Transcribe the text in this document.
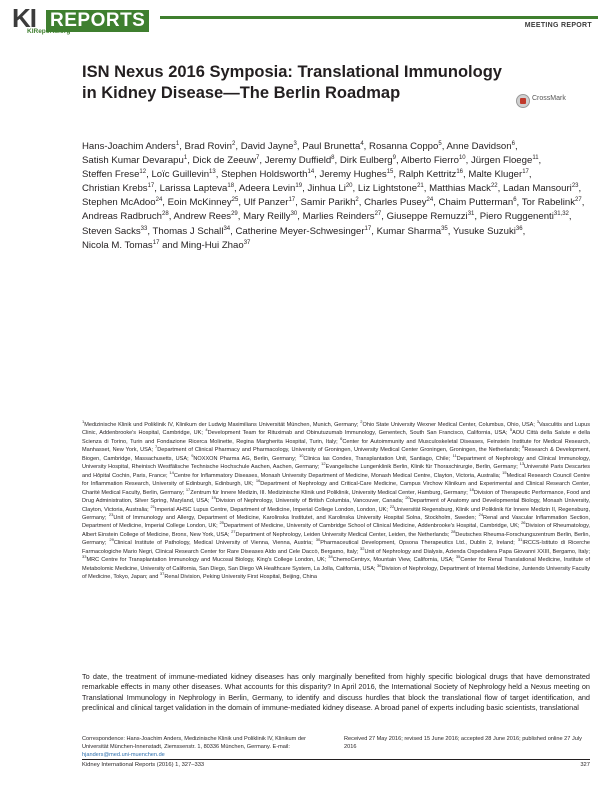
KI REPORTS
KIReports.org
MEETING REPORT
ISN Nexus 2016 Symposia: Translational Immunology in Kidney Disease—The Berlin Roadmap	CrossMark
Hans-Joachim Anders$^1$, Brad Rovin$^2$, David Jayne$^3$, Paul Brunetta$^4$, Rosanna Coppo$^5$, Anne Davidson$^6$, Satish Kumar Devarapu$^1$, Dick de Zeeuw$^7$, Jeremy Duffield$^8$, Dirk Eulberg$^9$, Alberto Fierro$^{10}$, Jürgen Floege$^{11}$, Steffen Frese$^{12}$, Loïc Guillevin$^{13}$, Stephen Holdsworth$^{14}$, Jeremy Hughes$^{15}$, Ralph Kettritz$^{16}$, Malte Kluger$^{17}$, Christian Krebs$^{17}$, Larissa Lapteva$^{18}$, Adeera Levin$^{19}$, Jinhua Li$^{20}$, Liz Lightstone$^{21}$, Matthias Mack$^{22}$, Ladan Mansouri$^{23}$, Stephen McAdoo$^{24}$, Eoin McKinney$^{25}$, Ulf Panzer$^{17}$, Samir Parikh$^2$, Charles Pusey$^{24}$, Chaim Putterman$^6$, Tor Rabelink$^{27}$, Andreas Radbruch$^{28}$, Andrew Rees$^{29}$, Mary Reilly$^{30}$, Marlies Reinders$^{27}$, Giuseppe Remuzzi$^{31}$, Piero Ruggenenti$^{31,32}$, Steven Sacks$^{33}$, Thomas J Schall$^{34}$, Catherine Meyer-Schwesinger$^{17}$, Kumar Sharma$^{35}$, Yusuke Suzuki$^{36}$, Nicola M. Tomas$^{17}$ and Ming-Hui Zhao$^{37}$
$^1$Medizinische Klinik und Poliklinik IV, Klinikum der Ludwig Maximilians Universität München, Munich, Germany; $^2$Ohio State University Wexner Medical Center, Columbus, Ohio, USA; $^3$Vasculitis and Lupus Clinic, Addenbrooke's Hospital, Cambridge, UK; $^4$Development Team for Rituximab and Obinutuzumab Immunology, Genentech, South San Francisco, California, USA; $^5$AOU Città della Salute e della Scienza di Torino, Turin and Fondazione Ricerca Molinette, Regina Margherita Hospital, Turin, Italy; $^6$Center for Autoimmunity and Musculoskeletal Diseases, Feinstein Institute for Medical Research, Manhasset, New York, USA; $^7$Department of Clinical Pharmacy and Pharmacology, University of Groningen, University Medical Center Groningen, Groningen, the Netherlands; $^8$Research & Development, Biogen, Cambridge, Massachusetts, USA; $^9$NOXXON Pharma AG, Berlin, Germany; $^{10}$Clinica las Condes, Transplantation Unit, Santiago, Chile; $^{11}$Department of Nephrology and Clinical Immunology, University Hospital, Rheinisch Westfälische Technische Hochschule Aachen, Aachen, Germany; $^{12}$Evangelische Lungenklinik Berlin, Klinik für Thoraxchirurgie, Berlin, Germany; $^{13}$Université Paris Descartes and Hôpital Cochin, Paris, France; $^{14}$Centre for Inflammatory Diseases, Monash University Department of Medicine, Monash Medical Centre, Clayton, Victoria, Australia; $^{15}$Medical Research Council Centre for Inflammation Research, University of Edinburgh, Edinburgh, UK; $^{16}$Department of Nephrology and Critical-Care Medicine, Campus Virchow Klinikum and Experimental and Clinical Research Center, Charité Medical Faculty, Berlin, Germany; $^{17}$Zentrum für Innere Medizin, III. Medizinische Klinik und Poliklinik, University Medical Center, Hamburg, Germany; $^{18}$Division of Therapeutic Performance, Food and Drug Administration, Silver Spring, Maryland, USA; $^{19}$Division of Nephrology, University of British Columbia, Vancouver, Canada; $^{20}$Department of Anatomy and Developmental Biology, Monash University, Clayton, Victoria, Australia; $^{21}$Imperial AHSC Lupus Centre, Department of Medicine, Imperial College London, London, UK; $^{22}$Universität Regensburg, Klinik und Poliklinik für Innere Medizin II, Regensburg, Germany; $^{23}$Unit of Immunology and Allergy, Department of Medicine, Karolinska Institutet, and Karolinska University Hospital Solna, Stockholm, Sweden; $^{24}$Renal and Vascular Inflammation Section, Department of Medicine, Imperial College London, UK; $^{25}$Department of Medicine, University of Cambridge School of Clinical Medicine, Addenbrooke's Hospital, Cambridge, UK; $^{26}$Division of Rheumatology, Albert Einstein College of Medicine, Bronx, New York, USA; $^{27}$Department of Nephrology, Leiden University Medical Center, Leiden, the Netherlands; $^{28}$Deutsches Rheuma-Forschungszentrum Berlin, Berlin, Germany; $^{29}$Clinical Institute of Pathology, Medical University of Vienna, Vienna, Austria; $^{30}$Pharmaceutical Development, Opsona Therapeutics Ltd., Dublin 2, Ireland; $^{31}$IRCCS-Istituto di Ricerche Farmacologiche Mario Negri, Clinical Research Center for Rare Diseases Aldo and Cele Daccò, Bergamo, Italy; $^{32}$Unit of Nephrology and Dialysis, Azienda Ospedaliera Papa Giovanni XXIII, Bergamo, Italy; $^{33}$MRC Centre for Transplantation Immunology and Mucosal Biology, King's College London, UK; $^{34}$ChemoCentryx, Mountain View, California, USA; $^{35}$Center for Renal Translational Medicine, Institute of Metabolomic Medicine, University of California, San Diego, San Diego VA Healthcare System, La Jolla, California, USA; $^{36}$Division of Nephrology, Department of Internal Medicine, Juntendo University Faculty of Medicine, Tokyo, Japan; and $^{37}$Renal Division, Peking University First Hospital, Beijing, China
To date, the treatment of immune-mediated kidney diseases has only marginally benefited from highly specific biological drugs that have demonstrated remarkable effects in many other diseases. What accounts for this disparity? In April 2016, the International Society of Nephrology held a Nexus meeting on Translational Immunology in Nephrology in Berlin, Germany, to identify and discuss hurdles that block the translational flow of target identification, and preclinical and clinical target validation in the domain of immune-mediated kidney disease. A broad panel of experts including basic scientists, translational
Correspondence: Hans-Joachim Anders, Medizinische Klinik und Poliklinik IV, Klinikum der Universität München-Innenstadt, Ziemssenstr. 1, 80336 München, Germany. E-mail: hjanders@med.uni-muenchen.de
Received 27 May 2016; revised 15 June 2016; accepted 28 June 2016; published online 27 July 2016
Kidney International Reports (2016) 1, 327–333	327
